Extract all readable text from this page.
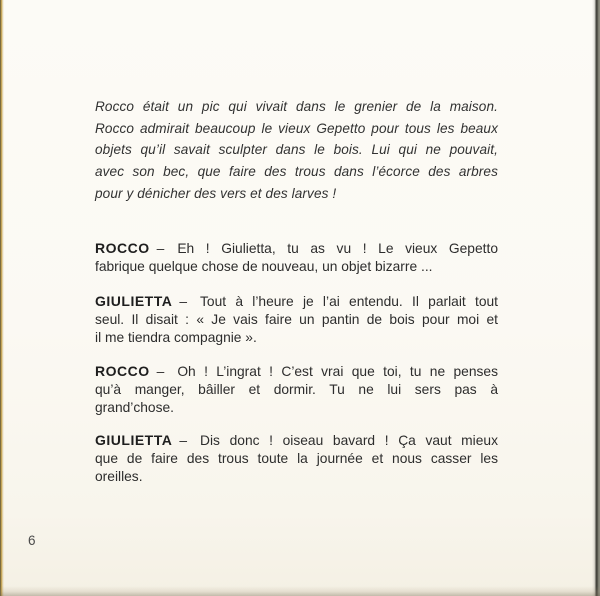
Rocco était un pic qui vivait dans le grenier de la maison.
Rocco admirait beaucoup le vieux Gepetto pour tous les beaux
objets qu’il savait sculpter dans le bois. Lui qui ne pouvait,
avec son bec, que faire des trous dans l’écorce des arbres
pour y dénicher des vers et des larves !
ROCCO – Eh ! Giulietta, tu as vu ! Le vieux Gepetto
fabrique quelque chose de nouveau, un objet bizarre ...
GIULIETTA – Tout à l’heure je l’ai entendu. Il parlait tout
seul. Il disait : « Je vais faire un pantin de bois pour moi et
il me tiendra compagnie ».
ROCCO – Oh ! L’ingrat ! C’est vrai que toi, tu ne penses
qu’à manger, bâiller et dormir. Tu ne lui sers pas à
grand’chose.
GIULIETTA – Dis donc ! oiseau bavard ! Ça vaut mieux
que de faire des trous toute la journée et nous casser les
oreilles.
6
